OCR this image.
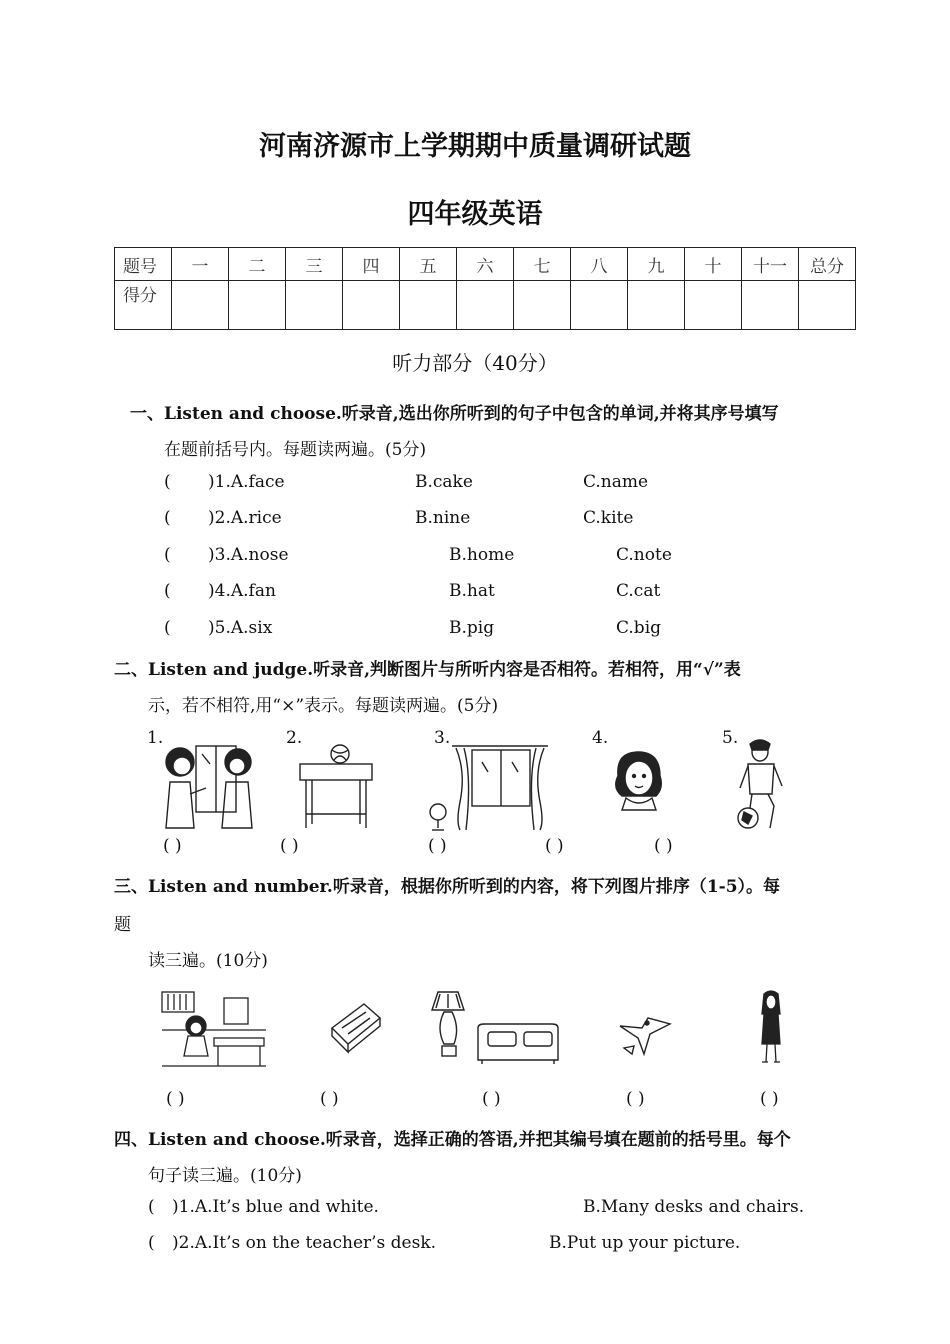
河南济源市上学期期中质量调研试题
四年级英语
题号	一	二	三	四	五	六	七	八	九	十	十一	总分
得分												
听力部分（40分）
一、Listen and choose.听录音,选出你所听到的句子中包含的单词,并将其序号填写
在题前括号内。每题读两遍。(5分)
( )1.A.face	B.cake	C.name
( )2.A.rice	B.nine	C.kite
( )3.A.nose	B.home	C.note
( )4.A.fan	B.hat	C.cat
( )5.A.six	B.pig	C.big
二、Listen and judge.听录音,判断图片与所听内容是否相符。若相符，用“√”表
示，若不相符,用“×”表示。每题读两遍。(5分)
1.	2.	3.	4.	5.
( )	( )	( )	( )	( )
三、Listen and number.听录音，根据你所听到的内容，将下列图片排序（1-5）。每
题
读三遍。(10分)
( )	( )	( )	( )	( )
四、Listen and choose.听录音，选择正确的答语,并把其编号填在题前的括号里。每个
句子读三遍。(10分)
( )1.A.It’s blue and white.	B.Many desks and chairs.
( )2.A.It’s on the teacher’s desk.	B.Put up your picture.
